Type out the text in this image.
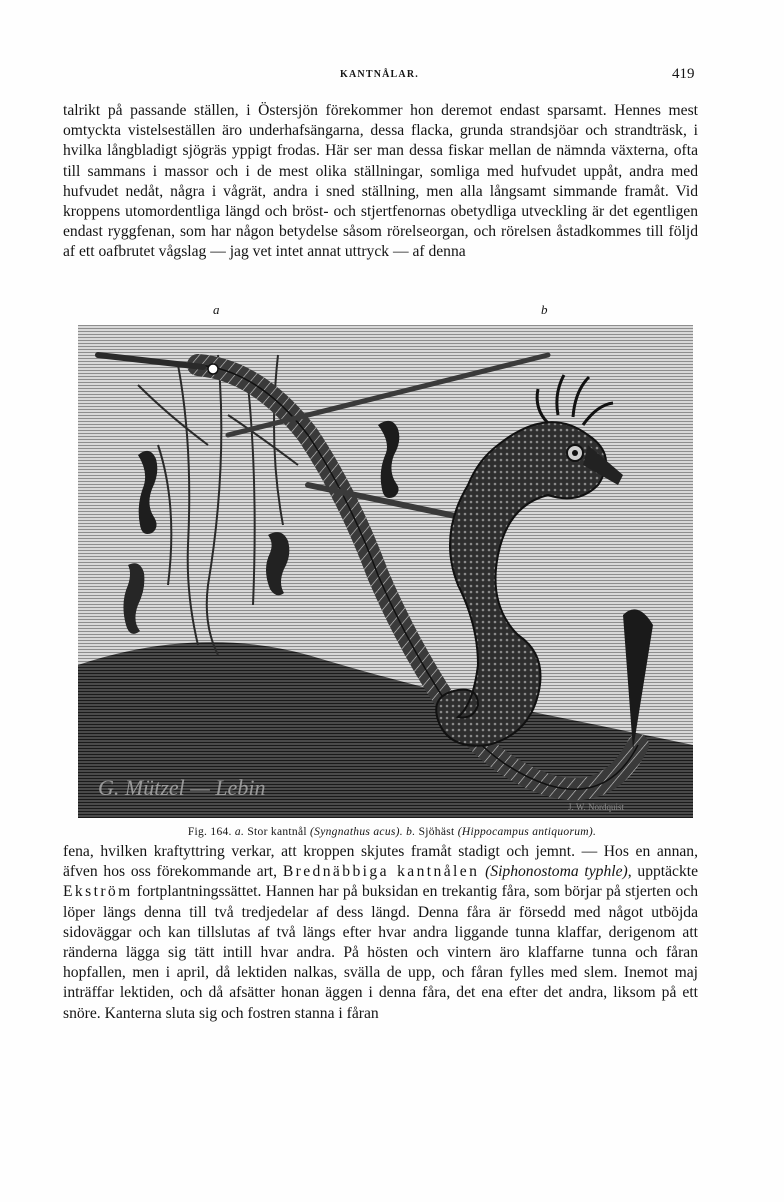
KANTNÅLAR.	419
talrikt på passande ställen, i Östersjön förekommer hon deremot endast sparsamt. Hennes mest omtyckta vistelseställen äro underhafsängarna, dessa flacka, grunda strandsjöar och strandträsk, i hvilka långbladigt sjögräs yppigt frodas. Här ser man dessa fiskar mellan de nämnda växterna, ofta till sammans i massor och i de mest olika ställningar, somliga med hufvudet uppåt, andra med hufvudet nedåt, några i vågrät, andra i sned ställning, men alla långsamt simmande framåt. Vid kroppens utomordentliga längd och bröst- och stjertfenornas obetydliga utveckling är det egentligen endast ryggfenan, som har någon betydelse såsom rörelseorgan, och rörelsen åstadkommes till följd af ett oafbrutet vågslag — jag vet intet annat uttryck — af denna
a	b
G. Mützel — Lebin
J. W. Nordquist
Fig. 164. a. Stor kantnål (Syngnathus acus). b. Sjöhäst (Hippocampus antiquorum).
fena, hvilken kraftyttring verkar, att kroppen skjutes framåt stadigt och jemnt. — Hos en annan, äfven hos oss förekommande art, Brednäbbiga kantnålen (Siphonostoma typhle), upptäckte Ekström fortplantningssättet. Hannen har på buksidan en trekantig fåra, som börjar på stjerten och löper längs denna till två tredjedelar af dess längd. Denna fåra är försedd med något utböjda sidoväggar och kan tillslutas af två längs efter hvar andra liggande tunna klaffar, derigenom att ränderna lägga sig tätt intill hvar andra. På hösten och vintern äro klaffarne tunna och fåran hopfallen, men i april, då lektiden nalkas, svälla de upp, och fåran fylles med slem. Inemot maj inträffar lektiden, och då afsätter honan äggen i denna fåra, det ena efter det andra, liksom på ett snöre. Kanterna sluta sig och fostren stanna i fåran
